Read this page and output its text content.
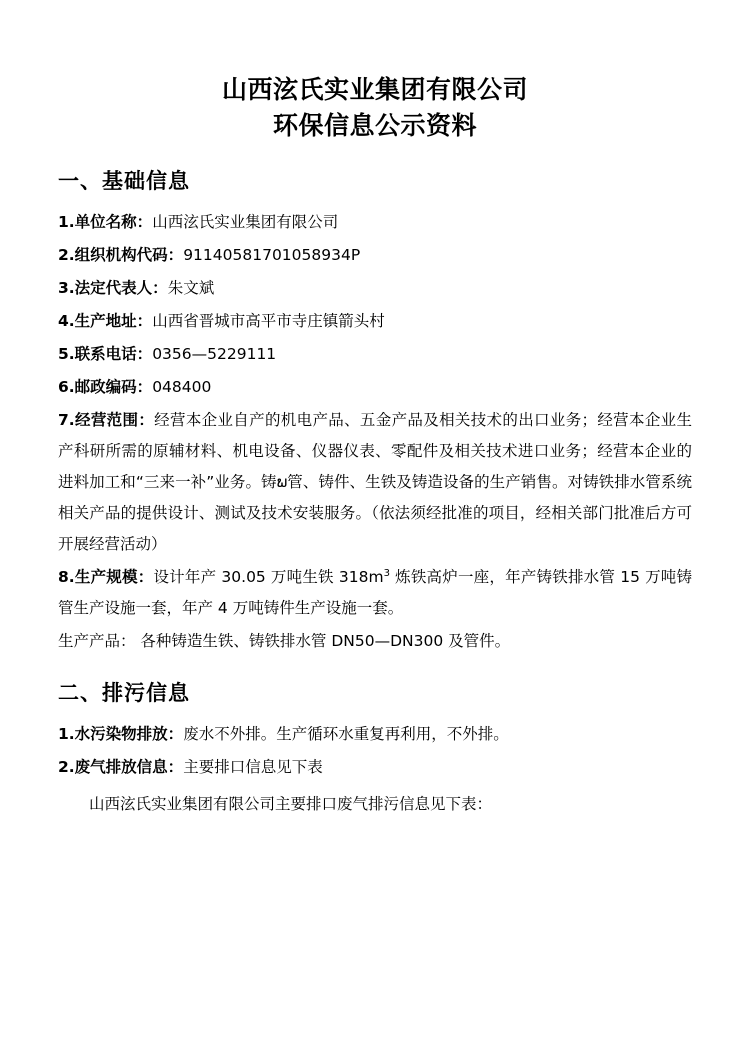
山西泫氏实业集团有限公司
环保信息公示资料
一、基础信息

1.单位名称：山西泫氏实业集团有限公司

2.组织机构代码：91140581701058934P

3.法定代表人：朱文斌

4.生产地址：山西省晋城市高平市寺庄镇箭头村

5.联系电话：0356—5229111

6.邮政编码：048400

7.经营范围：经营本企业自产的机电产品、五金产品及相关技术的出口业务；经营本企业生产科研所需的原辅材料、机电设备、仪器仪表、零配件及相关技术进口业务；经营本企业的进料加工和“三来一补”业务。铸ພ管、铸件、生铁及铸造设备的生产销售。对铸铁排水管系统相关产品的提供设计、测试及技术安装服务。（依法须经批准的项目，经相关部门批准后方可开展经营活动）

8.生产规模：设计年产 30.05 万吨生铁 $318m^3$ 炼铁高炉一座，年产铸铁排水管 15 万吨铸管生产设施一套，年产 4 万吨铸件生产设施一套。

生产产品： 各种铸造生铁、铸铁排水管 DN50—DN300 及管件。

二、排污信息

1.水污染物排放：废水不外排。生产循环水重复再利用，不外排。

2.废气排放信息：主要排口信息见下表

山西泫氏实业集团有限公司主要排口废气排污信息见下表：
